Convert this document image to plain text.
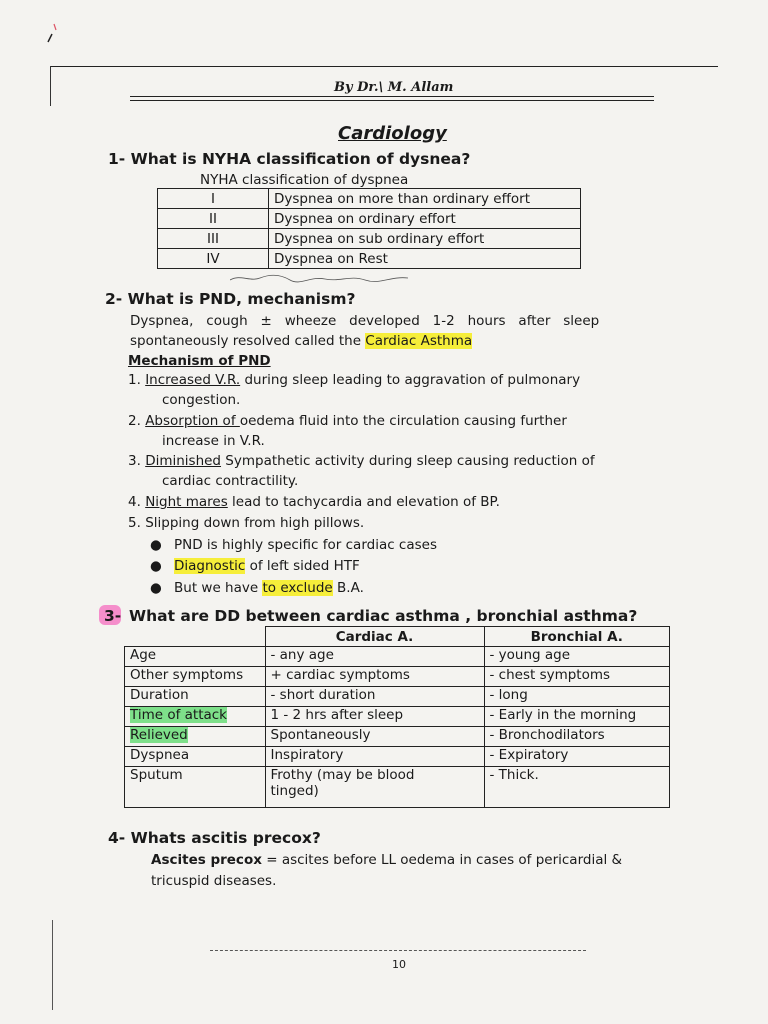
By Dr.\ M. Allam
Cardiology
1- What is NYHA classification of dysnea?
NYHA classification of dyspnea
I	Dyspnea on more than ordinary effort
II	Dyspnea on ordinary effort
III	Dyspnea on sub ordinary effort
IV	Dyspnea on Rest
2- What is PND, mechanism?
Dyspnea,   cough   ±   wheeze   developed   1-2   hours   after   sleep
spontaneously resolved called the Cardiac Asthma
Mechanism of PND
1. Increased V.R. during sleep leading to aggravation of pulmonary
congestion.
2. Absorption of oedema fluid into the circulation causing further
increase in V.R.
3. Diminished Sympathetic activity during sleep causing reduction of
cardiac contractility.
4. Night mares lead to tachycardia and elevation of BP.
5. Slipping down from high pillows.
● PND is highly specific for cardiac cases
● Diagnostic of left sided HTF
● But we have to exclude B.A.
3- What are DD between cardiac asthma , bronchial asthma?
	Cardiac A.	Bronchial A.
Age	- any age	- young age
Other symptoms	+ cardiac symptoms	- chest symptoms
Duration	- short duration	- long
Time of attack	1 - 2 hrs after sleep	- Early in the morning
Relieved	Spontaneously	- Bronchodilators
Dyspnea	Inspiratory	- Expiratory
Sputum	Frothy (may be blood
tinged)	- Thick.
4- Whats ascitis precox?
Ascites precox = ascites before LL oedema in cases of pericardial &
tricuspid diseases.
10
